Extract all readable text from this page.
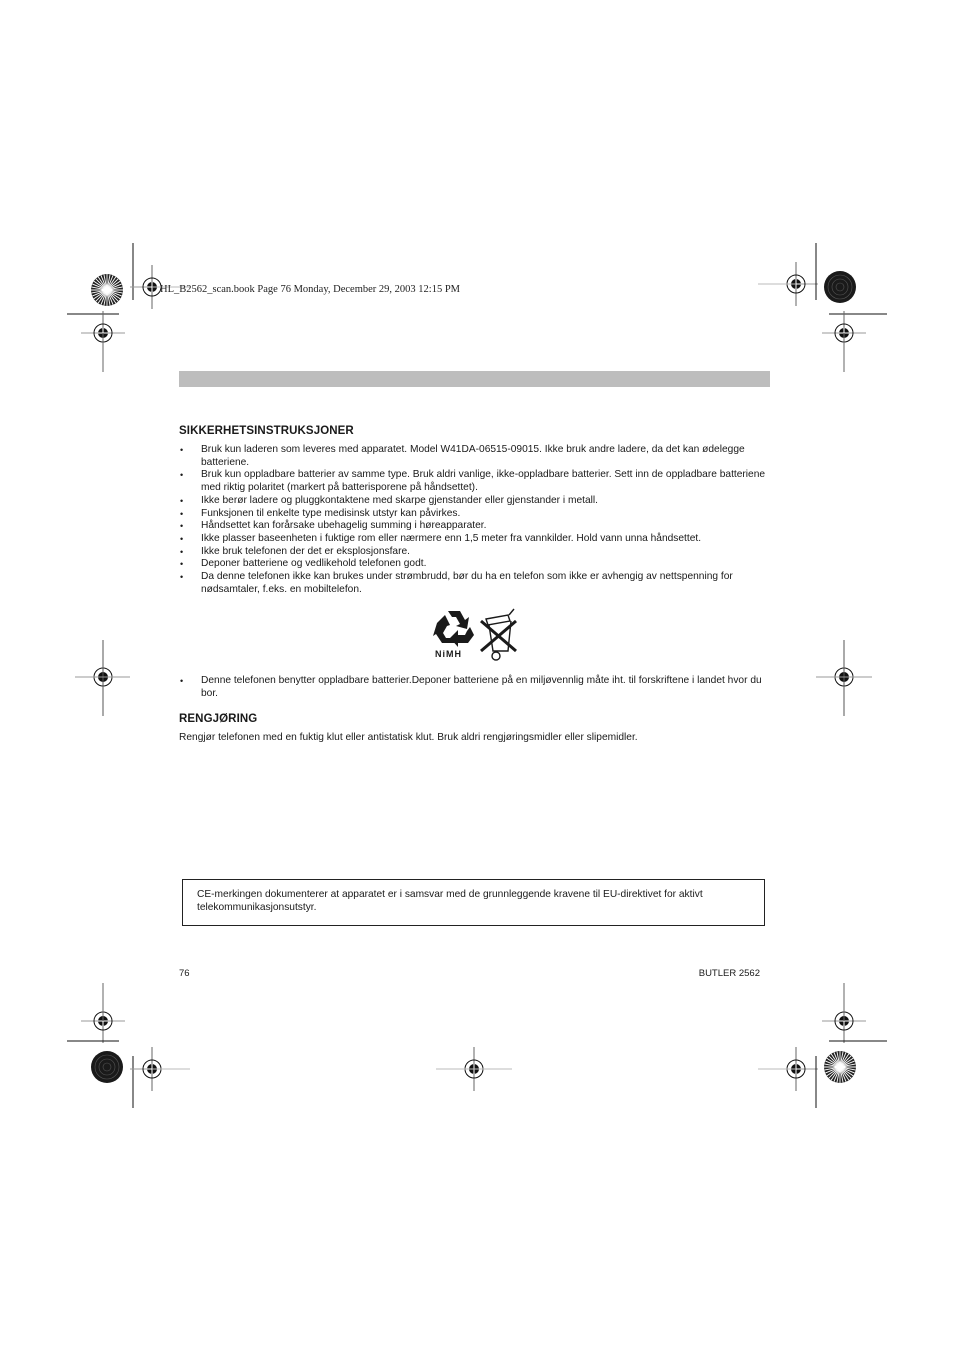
HL_B2562_scan.book Page 76 Monday, December 29, 2003 12:15 PM
SIKKERHETSINSTRUKSJONER
• Bruk kun laderen som leveres med apparatet. Model W41DA-06515-09015. Ikke bruk andre ladere, da det kan ødelegge batteriene.
• Bruk kun oppladbare batterier av samme type. Bruk aldri vanlige, ikke-oppladbare batterier. Sett inn de oppladbare batteriene med riktig polaritet (markert på batterisporene på håndsettet).
• Ikke berør ladere og pluggkontaktene med skarpe gjenstander eller gjenstander i metall.
• Funksjonen til enkelte type medisinsk utstyr kan påvirkes.
• Håndsettet kan forårsake ubehagelig summing i høreapparater.
• Ikke plasser baseenheten i fuktige rom eller nærmere enn 1,5 meter fra vannkilder. Hold vann unna håndsettet.
• Ikke bruk telefonen der det er eksplosjonsfare.
• Deponer batteriene og vedlikehold telefonen godt.
• Da denne telefonen ikke kan brukes under strømbrudd, bør du ha en telefon som ikke er avhengig av nettspenning for nødsamtaler, f.eks. en mobiltelefon.
NiMH
• Denne telefonen benytter oppladbare batterier.Deponer batteriene på en miljøvennlig måte iht. til forskriftene i landet hvor du bor.
RENGJØRING
Rengjør telefonen med en fuktig klut eller antistatisk klut. Bruk aldri rengjøringsmidler eller slipemidler.
CE-merkingen dokumenterer at apparatet er i samsvar med de grunnleggende kravene til EU-direktivet for aktivt telekommunikasjonsutstyr.
76	BUTLER 2562
